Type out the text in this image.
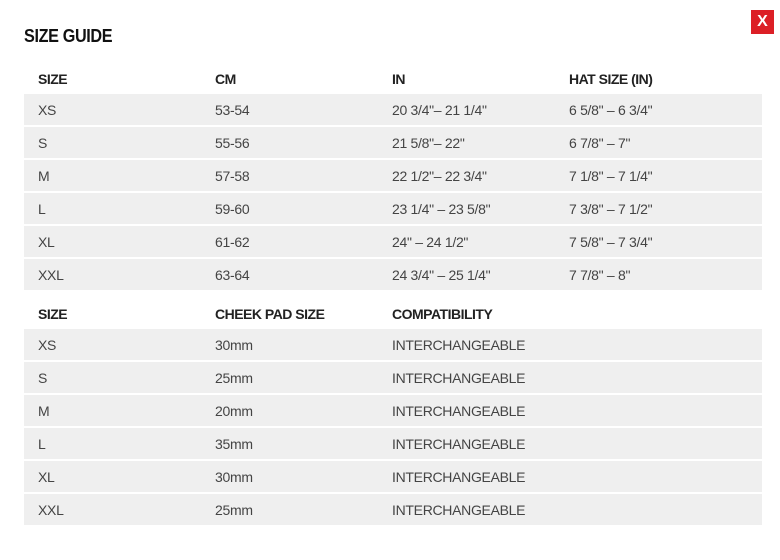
SIZE GUIDE
X
SIZE	CM	IN	HAT SIZE (IN)
XS	53-54	20 3/4"– 21 1/4"	6 5/8" – 6 3/4"
S	55-56	21 5/8"– 22"	6 7/8" – 7"
M	57-58	22 1/2"– 22 3/4"	7 1/8" – 7 1/4"
L	59-60	23 1/4" – 23 5/8"	7 3/8" – 7 1/2"
XL	61-62	24" – 24 1/2"	7 5/8" – 7 3/4"
XXL	63-64	24 3/4" – 25 1/4"	7 7/8" – 8"
SIZE	CHEEK PAD SIZE	COMPATIBILITY	
XS	30mm	INTERCHANGEABLE	
S	25mm	INTERCHANGEABLE	
M	20mm	INTERCHANGEABLE	
L	35mm	INTERCHANGEABLE	
XL	30mm	INTERCHANGEABLE	
XXL	25mm	INTERCHANGEABLE	
